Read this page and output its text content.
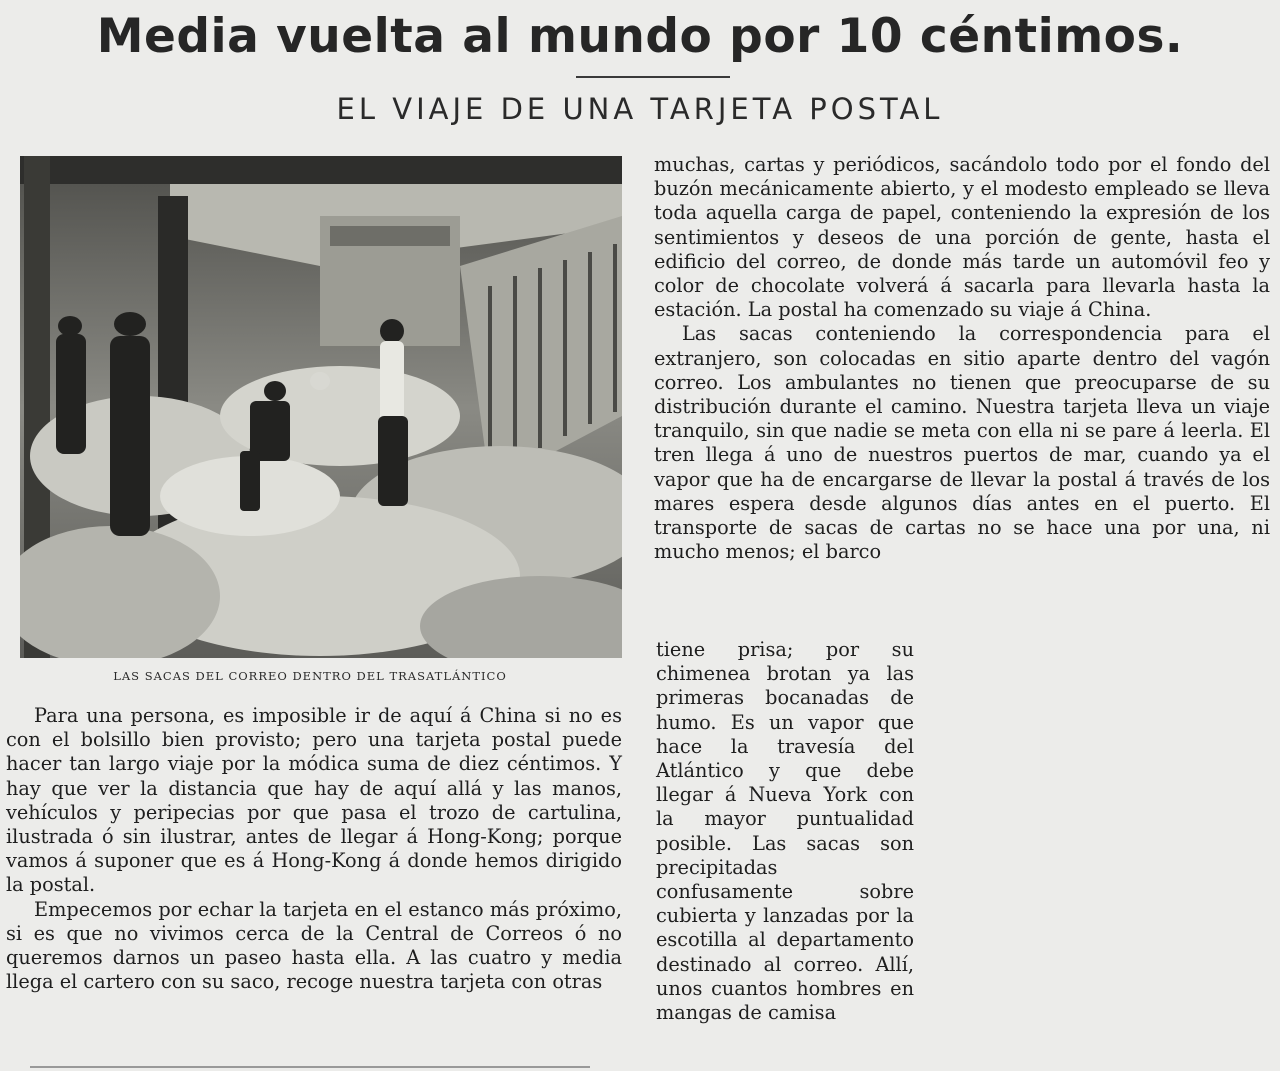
Media vuelta al mundo por 10 céntimos.
EL VIAJE DE UNA TARJETA POSTAL
LAS SACAS DEL CORREO DENTRO DEL TRASATLÁNTICO

Para una persona, es imposible ir de aquí á China si no es con el bolsillo bien provisto; pero una tarjeta postal puede hacer tan largo viaje por la módica suma de diez céntimos. Y hay que ver la distancia que hay de aquí allá y las manos, vehículos y peripecias por que pasa el trozo de cartulina, ilustrada ó sin ilustrar, antes de llegar á Hong-Kong; porque vamos á suponer que es á Hong-Kong á donde hemos dirigido la postal.

Empecemos por echar la tarjeta en el estanco más próximo, si es que no vivimos cerca de la Central de Correos ó no queremos darnos un paseo hasta ella. A las cuatro y media llega el cartero con su saco, recoge nuestra tarjeta con otras

muchas, cartas y periódicos, sacándolo todo por el fondo del buzón mecánicamente abierto, y el modesto empleado se lleva toda aquella carga de papel, conteniendo la expresión de los sentimientos y deseos de una porción de gente, hasta el edificio del correo, de donde más tarde un automóvil feo y color de chocolate volverá á sacarla para llevarla hasta la estación. La postal ha comenzado su viaje á China.

Las sacas conteniendo la correspondencia para el extranjero, son colocadas en sitio aparte dentro del vagón correo. Los ambulantes no tienen que preocuparse de su distribución durante el camino. Nuestra tarjeta lleva un viaje tranquilo, sin que nadie se meta con ella ni se pare á leerla. El tren llega á uno de nuestros puertos de mar, cuando ya el vapor que ha de encargarse de llevar la postal á través de los mares espera desde algunos días antes en el puerto. El transporte de sacas de cartas no se hace una por una, ni mucho menos; el barco

tiene prisa; por su chimenea brotan ya las primeras bocanadas de humo. Es un vapor que hace la travesía del Atlántico y que debe llegar á Nueva York con la mayor puntualidad posible. Las sacas son precipitadas confusamente sobre cubierta y lanzadas por la escotilla al departamento destinado al correo. Allí, unos cuantos hombres en mangas de camisa
